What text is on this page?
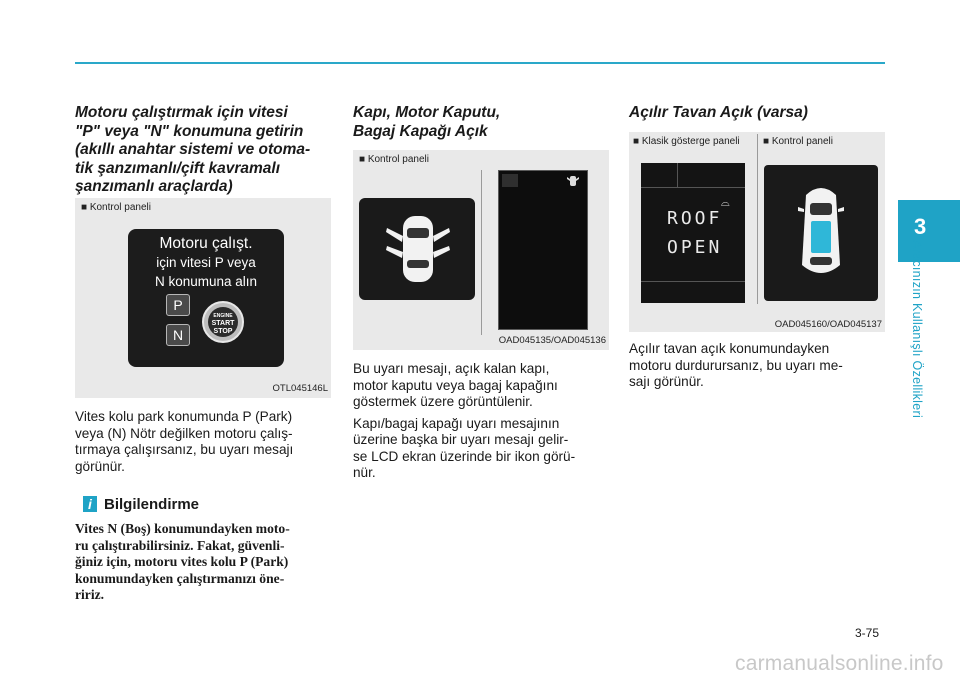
3
Aracınızın Kullanışlı Özellikleri
Motoru çalıştırmak için vitesi
"P" veya "N" konumuna getirin
(akıllı anahtar sistemi ve otoma-
tik şanzımanlı/çift kavramalı
şanzımanlı araçlarda)
■ Kontrol paneli
Motoru çalışt.
için vitesi P veya
N konumuna alın
P
N
ENGINE
START
STOP
OTL045146L

Vites kolu park konumunda P (Park)
veya (N) Nötr değilken motoru çalış-
tırmaya çalışırsanız, bu uyarı mesajı
görünür.

i Bilgilendirme

Vites N (Boş) konumundayken moto-
ru çalıştırabilirsiniz. Fakat, güvenli-
ğiniz için, motoru vites kolu P (Park)
konumundayken çalıştırmanızı öne-
ririz.

Kapı, Motor Kaputu,
Bagaj Kapağı Açık
■ Kontrol paneli
OAD045135/OAD045136

Bu uyarı mesajı, açık kalan kapı,
motor kaputu veya bagaj kapağını
göstermek üzere görüntülenir.

Kapı/bagaj kapağı uyarı mesajının
üzerine başka bir uyarı mesajı gelir-
se LCD ekran üzerinde bir ikon görü-
nür.

Açılır Tavan Açık (varsa)
■ Klasik gösterge paneli ■ Kontrol paneli
⌓
ROOF
OPEN
OAD045160/OAD045137

Açılır tavan açık konumundayken
motoru durdurursanız, bu uyarı me-
sajı görünür.

3-75
carmanualsonline.info
